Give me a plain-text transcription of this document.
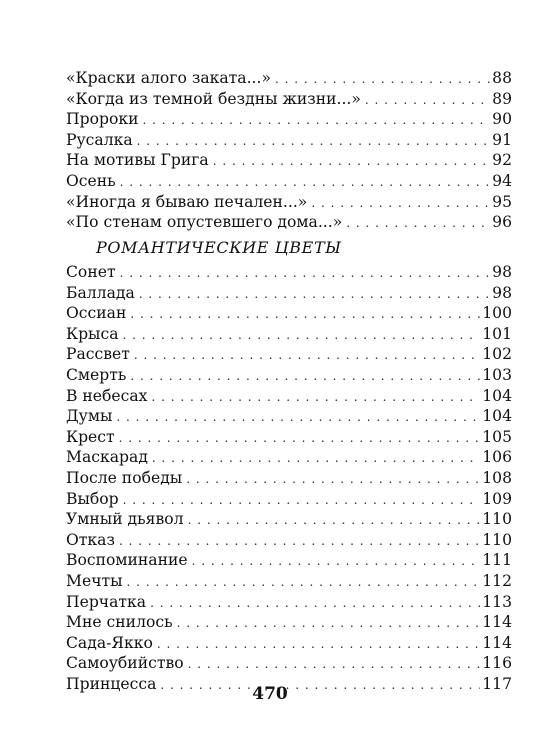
«Краски алого заката...» . . .	88
«Когда из темной бездны жизни...» . . .	89
Пророки . . .	90
Русалка . . .	91
На мотивы Грига . . .	92
Осень . . .	94
«Иногда я бываю печален...» . . .	95
«По стенам опустевшего дома...» . . .	96
РОМАНТИЧЕСКИЕ ЦВЕТЫ
Сонет . . .	98
Баллада . . .	98
Оссиан . . .	100
Крыса . . .	101
Рассвет . . .	102
Смерть . . .	103
В небесах . . .	104
Думы . . .	104
Крест . . .	105
Маскарад . . .	106
После победы . . .	108
Выбор . . .	109
Умный дьявол . . .	110
Отказ . . .	110
Воспоминание . . .	111
Мечты . . .	112
Перчатка . . .	113
Мне снилось . . .	114
Сада-Якко . . .	114
Самоубийство . . .	116
Принцесса . . .	117
470
